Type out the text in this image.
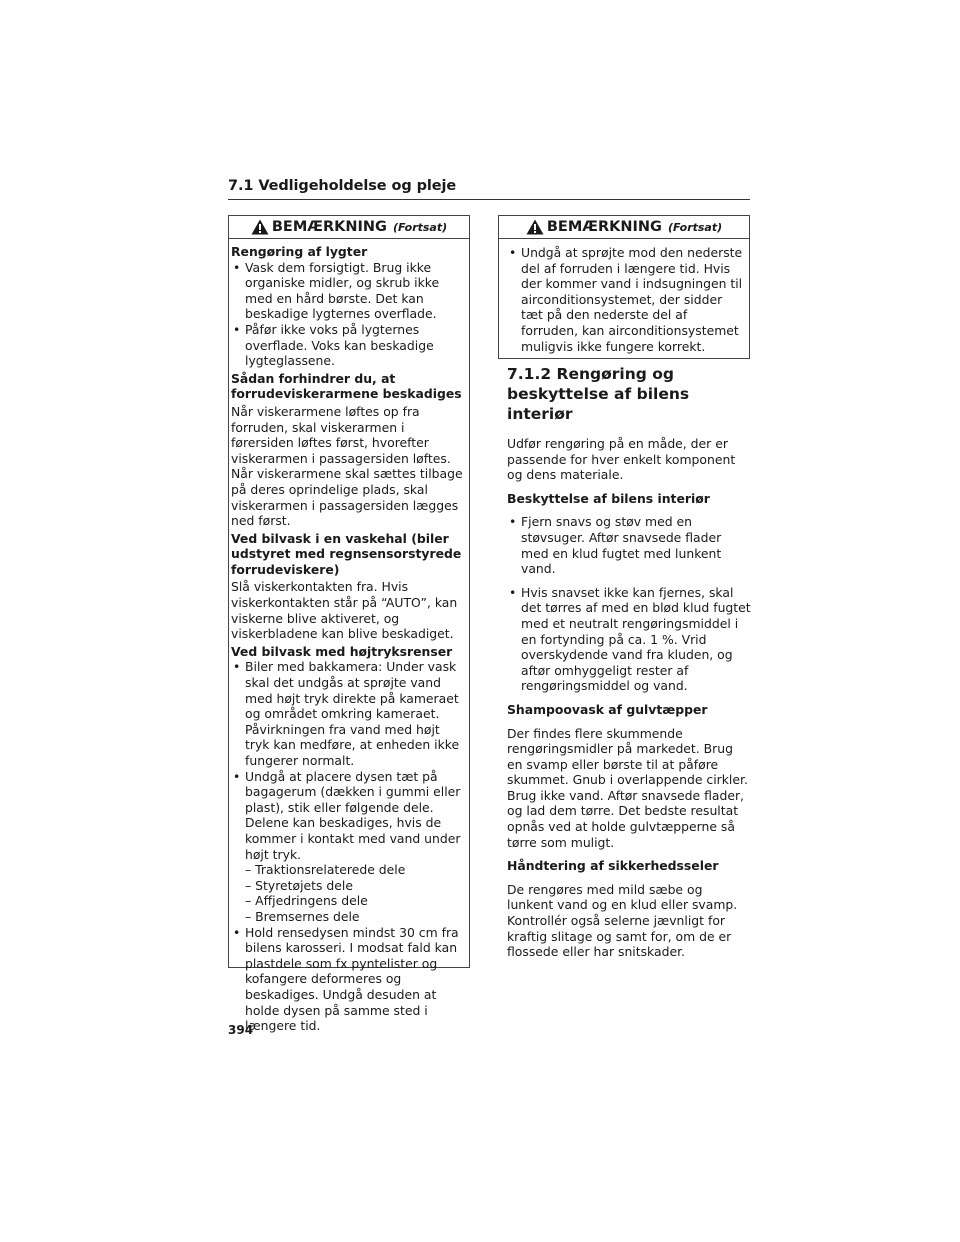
7.1 Vedligeholdelse og pleje
BEMÆRKNING (Fortsat)
Rengøring af lygter
• Vask dem forsigtigt. Brug ikke organiske midler, og skrub ikke med en hård børste. Det kan beskadige lygternes overflade.
• Påfør ikke voks på lygternes overflade. Voks kan beskadige lygteglassene.
Sådan forhindrer du, at forrudeviskerarmene beskadiges
Når viskerarmene løftes op fra forruden, skal viskerarmen i førersiden løftes først, hvorefter viskerarmen i passagersiden løftes. Når viskerarmene skal sættes tilbage på deres oprindelige plads, skal viskerarmen i passagersiden lægges ned først.
Ved bilvask i en vaskehal (biler udstyret med regnsensorstyrede forrudeviskere)
Slå viskerkontakten fra. Hvis viskerkontakten står på “AUTO”, kan viskerne blive aktiveret, og viskerbladene kan blive beskadiget.
Ved bilvask med højtryksrenser
• Biler med bakkamera: Under vask skal det undgås at sprøjte vand med højt tryk direkte på kameraet og området omkring kameraet. Påvirkningen fra vand med højt tryk kan medføre, at enheden ikke fungerer normalt.
• Undgå at placere dysen tæt på bagagerum (dækken i gummi eller plast), stik eller følgende dele. Delene kan beskadiges, hvis de kommer i kontakt med vand under højt tryk.
– Traktionsrelaterede dele
– Styretøjets dele
– Affjedringens dele
– Bremsernes dele
• Hold rensedysen mindst 30 cm fra bilens karosseri. I modsat fald kan plastdele som fx pyntelister og kofangere deformeres og beskadiges. Undgå desuden at holde dysen på samme sted i længere tid.
BEMÆRKNING (Fortsat)
• Undgå at sprøjte mod den nederste del af forruden i længere tid. Hvis der kommer vand i indsugningen til airconditionsystemet, der sidder tæt på den nederste del af forruden, kan airconditionsystemet muligvis ikke fungere korrekt.
7.1.2 Rengøring og beskyttelse af bilens interiør
Udfør rengøring på en måde, der er passende for hver enkelt komponent og dens materiale.
Beskyttelse af bilens interiør
• Fjern snavs og støv med en støvsuger. Aftør snavsede flader med en klud fugtet med lunkent vand.
• Hvis snavset ikke kan fjernes, skal det tørres af med en blød klud fugtet med et neutralt rengøringsmiddel i en fortynding på ca. 1 %. Vrid overskydende vand fra kluden, og aftør omhyggeligt rester af rengøringsmiddel og vand.
Shampoovask af gulvtæpper
Der findes flere skummende rengøringsmidler på markedet. Brug en svamp eller børste til at påføre skummet. Gnub i overlappende cirkler. Brug ikke vand. Aftør snavsede flader, og lad dem tørre. Det bedste resultat opnås ved at holde gulvtæpperne så tørre som muligt.
Håndtering af sikkerhedsseler
De rengøres med mild sæbe og lunkent vand og en klud eller svamp. Kontrollér også selerne jævnligt for kraftig slitage og samt for, om de er flossede eller har snitskader.
394
